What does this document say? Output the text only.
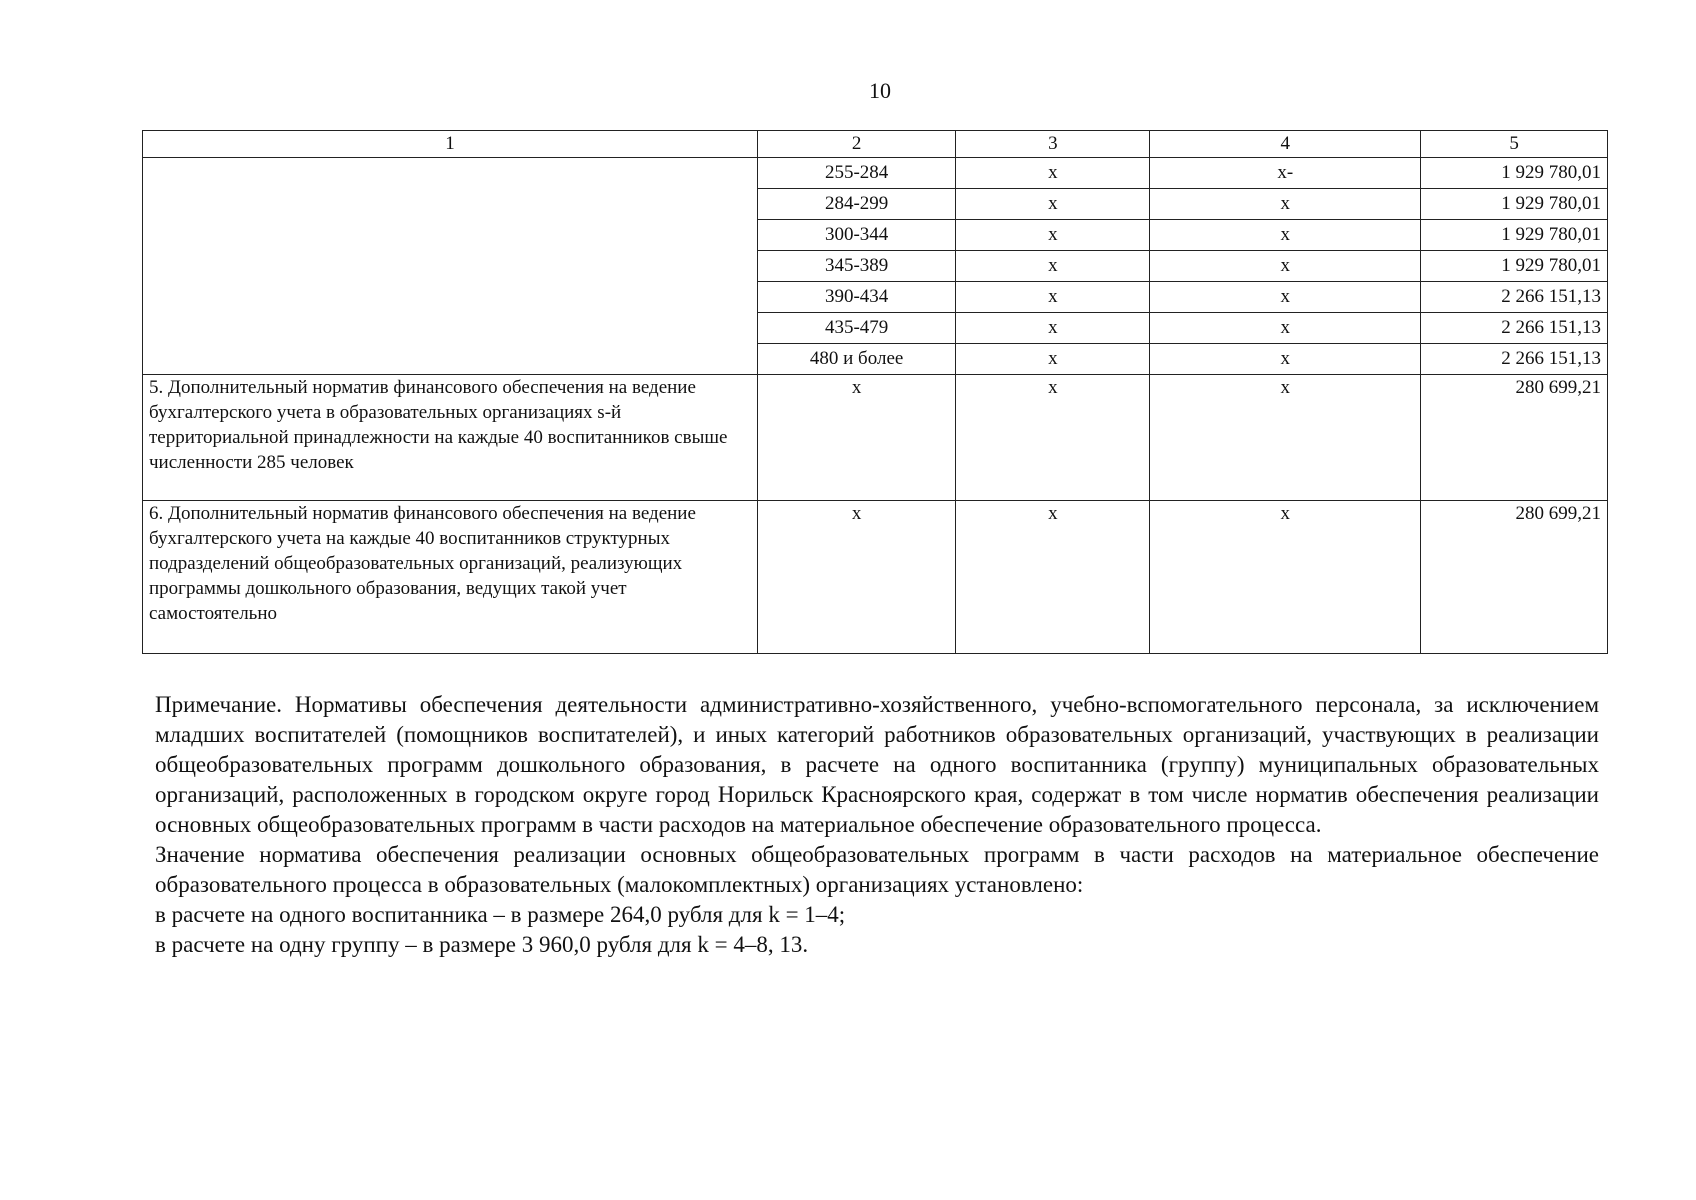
10
1	2	3	4	5
	255-284	x	x-	1 929 780,01
	284-299	x	x	1 929 780,01
	300-344	x	x	1 929 780,01
	345-389	x	x	1 929 780,01
	390-434	x	x	2 266 151,13
	435-479	x	x	2 266 151,13
	480 и более	x	x	2 266 151,13
5. Дополнительный норматив финансового обеспечения на ведение бухгалтерского учета в образовательных организациях s-й территориальной принадлежности на каждые 40 воспитанников свыше численности 285 человек	x	x	x	280 699,21
6. Дополнительный норматив финансового обеспечения на ведение бухгалтерского учета на каждые 40 воспитанников структурных подразделений общеобразовательных организаций, реализующих программы дошкольного образования, ведущих такой учет самостоятельно	x	x	x	280 699,21

Примечание. Нормативы обеспечения деятельности административно-хозяйственного, учебно-вспомогательного персонала, за исключением младших воспитателей (помощников воспитателей), и иных категорий работников образовательных организаций, участвующих в реализации общеобразовательных программ дошкольного образования, в расчете на одного воспитанника (группу) муниципальных образовательных организаций, расположенных в городском округе город Норильск Красноярского края, содержат в том числе норматив обеспечения реализации основных общеобразовательных программ в части расходов на материальное обеспечение образовательного процесса.

Значение норматива обеспечения реализации основных общеобразовательных программ в части расходов на материальное обеспечение образовательного процесса в образовательных (малокомплектных) организациях установлено:

в расчете на одного воспитанника – в размере 264,0 рубля для k = 1–4;

в расчете на одну группу – в размере 3 960,0 рубля для k = 4–8, 13.
